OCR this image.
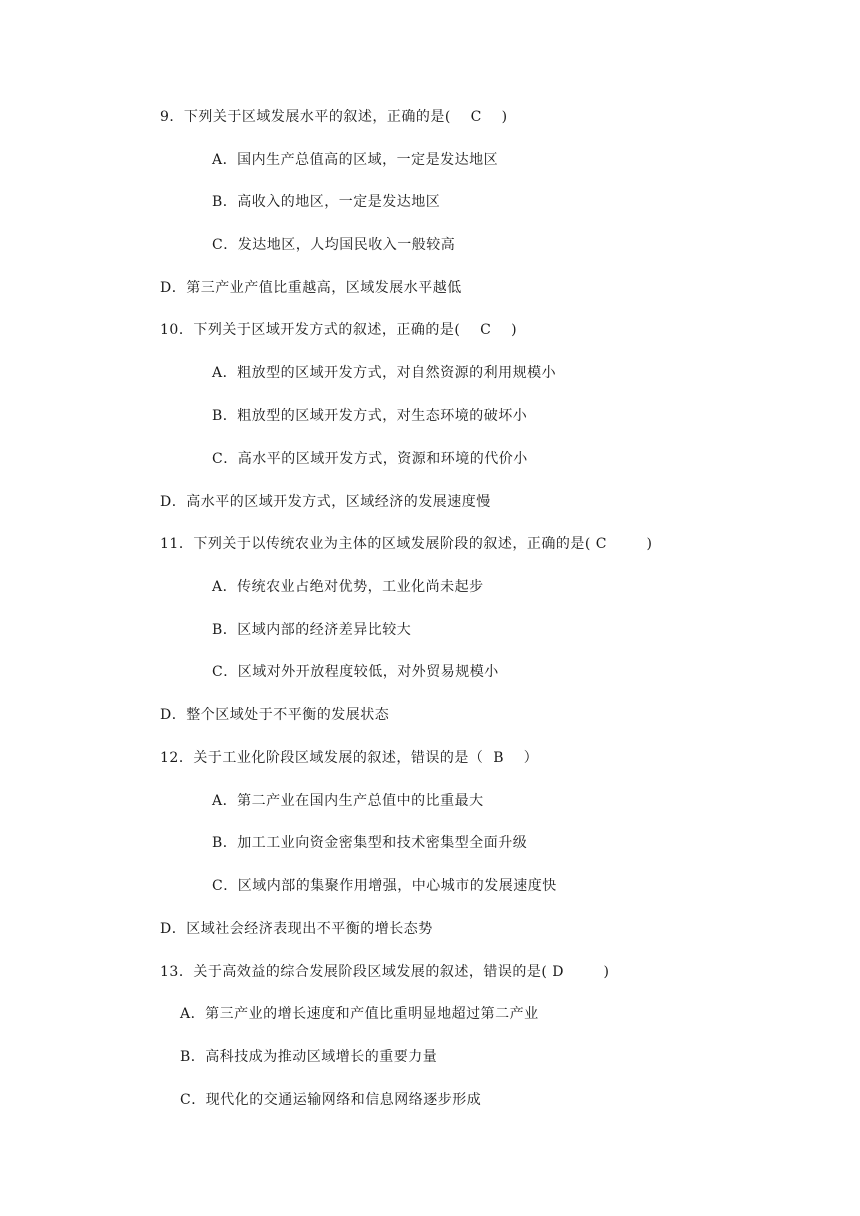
9．下列关于区域发展水平的叙述，正确的是(    C    )
A．国内生产总值高的区域，一定是发达地区
B．高收入的地区，一定是发达地区
C．发达地区，人均国民收入一般较高
D．第三产业产值比重越高，区域发展水平越低
10．下列关于区域开发方式的叙述，正确的是(    C    )
A．粗放型的区域开发方式，对自然资源的利用规模小
B．粗放型的区域开发方式，对生态环境的破坏小
C．高水平的区域开发方式，资源和环境的代价小
D．高水平的区域开发方式，区域经济的发展速度慢
11．下列关于以传统农业为主体的区域发展阶段的叙述，正确的是( C        )
A．传统农业占绝对优势，工业化尚未起步
B．区域内部的经济差异比较大
C．区域对外开放程度较低，对外贸易规模小
D．整个区域处于不平衡的发展状态
12．关于工业化阶段区域发展的叙述，错误的是（  B    ）
A．第二产业在国内生产总值中的比重最大
B．加工工业向资金密集型和技术密集型全面升级
C．区域内部的集聚作用增强，中心城市的发展速度快
D．区域社会经济表现出不平衡的增长态势
13．关于高效益的综合发展阶段区域发展的叙述，错误的是( D        )
A．第三产业的增长速度和产值比重明显地超过第二产业
B．高科技成为推动区域增长的重要力量
C．现代化的交通运输网络和信息网络逐步形成
